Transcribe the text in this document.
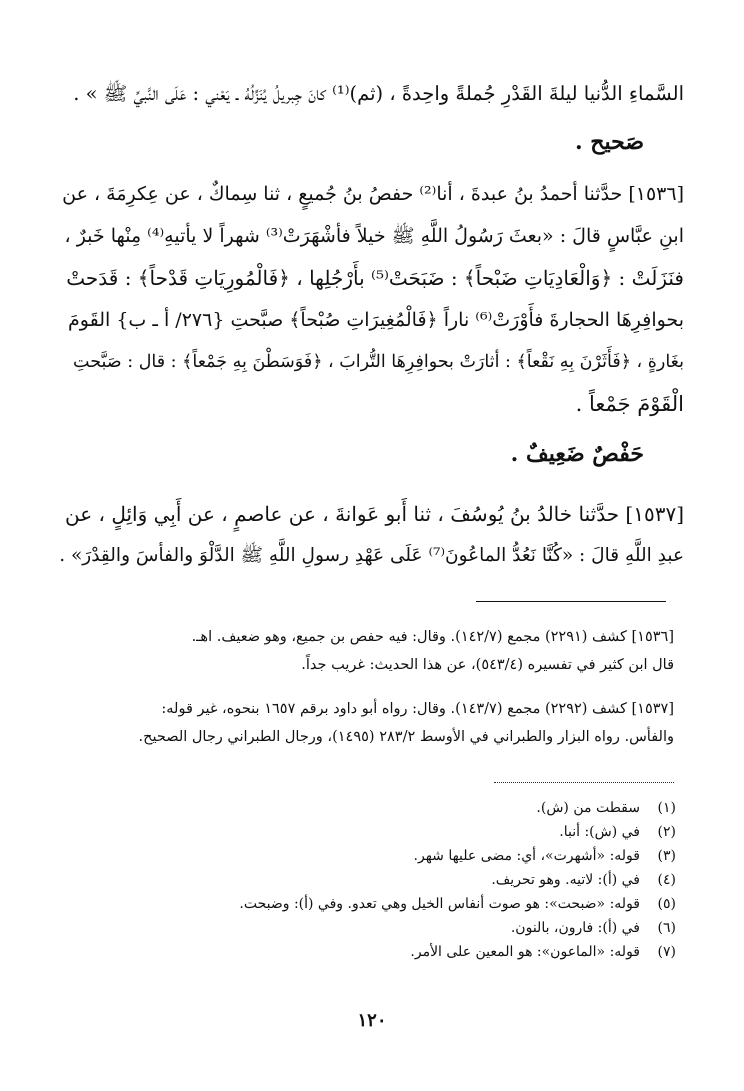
السَّماءِ الدُّنيا ليلةَ القَدْرِ جُملةً واحِدةً ، (ثم)⁽¹⁾ كانَ جِبريلُ يُنَزِّلُهُ ـ يَعْني : عَلَى النَّبيِّ ﷺ » .
صَحيح .
[١٥٣٦] حدَّثنا أحمدُ بنُ عبدةَ ، أنا⁽²⁾ حفصُ بنُ جُميعٍ ، ثنا سِماكٌ ، عن عِكرِمَةَ ، عن
ابنِ عبَّاسٍ قالَ : «بعثَ رَسُولُ اللَّهِ ﷺ خيلاً فأشْهَرَتْ⁽³⁾ شهراً لا يأتيهِ⁽⁴⁾ مِنْها خَبرٌ ،
فنَزَلَتْ : ﴿وَالْعَادِيَاتِ ضَبْحاً﴾ : ضَبَحَتْ⁽⁵⁾ بأَرْجُلِها ، ﴿فَالْمُورِيَاتِ قَدْحاً﴾ : قَدَحتْ
بحوافِرِهَا الحجارةَ فأَوْرَتْ⁽⁶⁾ ناراً ﴿فَالْمُغِيرَاتِ صُبْحاً﴾ صبَّحتِ {٢٧٦/ أ ـ ب} القَومَ
بغَارةٍ ، ﴿فَأَثَرْنَ بِهِ نَقْعاً﴾ : أثارَتْ بحوافِرِهَا التُّرابَ ، ﴿فَوَسَطْنَ بِهِ جَمْعاً﴾ : قال : صَبَّحتِ
الْقَوْمَ جَمْعاً .
حَفْصٌ ضَعِيفٌ .
[١٥٣٧] حدَّثنا خالدُ بنُ يُوسُفَ ، ثنا أَبو عَوانةَ ، عن عاصمٍ ، عن أَبِي وَائِلٍ ، عن
عبدِ اللَّهِ قالَ : «كُنَّا نَعُدُّ الماعُونَ⁽⁷⁾ عَلَى عَهْدِ رسولِ اللَّهِ ﷺ الدَّلْوَ والفأسَ والقِدْرَ» .
[١٥٣٦] كشف (٢٢٩١) مجمع (١٤٢/٧). وقال: فيه حفص بن جميع، وهو ضعيف. اهـ.
قال ابن كثير في تفسيره (٥٤٣/٤)، عن هذا الحديث: غريب جداً.
[١٥٣٧] كشف (٢٢٩٢) مجمع (١٤٣/٧). وقال: رواه أبو داود برقم ١٦٥٧ بنحوه، غير قوله:
والفأس. رواه البزار والطبراني في الأوسط ٢٨٣/٢ (١٤٩٥)، ورجال الطبراني رجال الصحيح.
(١)
سقطت من (ش).
(٢)
في (ش): أنبا.
(٣)
قوله: «أشهرت»، أي: مضى عليها شهر.
(٤)
في (أ): لاتيه. وهو تحريف.
(٥)
قوله: «ضبحت»: هو صوت أنفاس الخيل وهي تعدو. وفي (أ): وضبحت.
(٦)
في (أ): فارون، بالنون.
(٧)
قوله: «الماعون»: هو المعين على الأمر.
١٢٠
